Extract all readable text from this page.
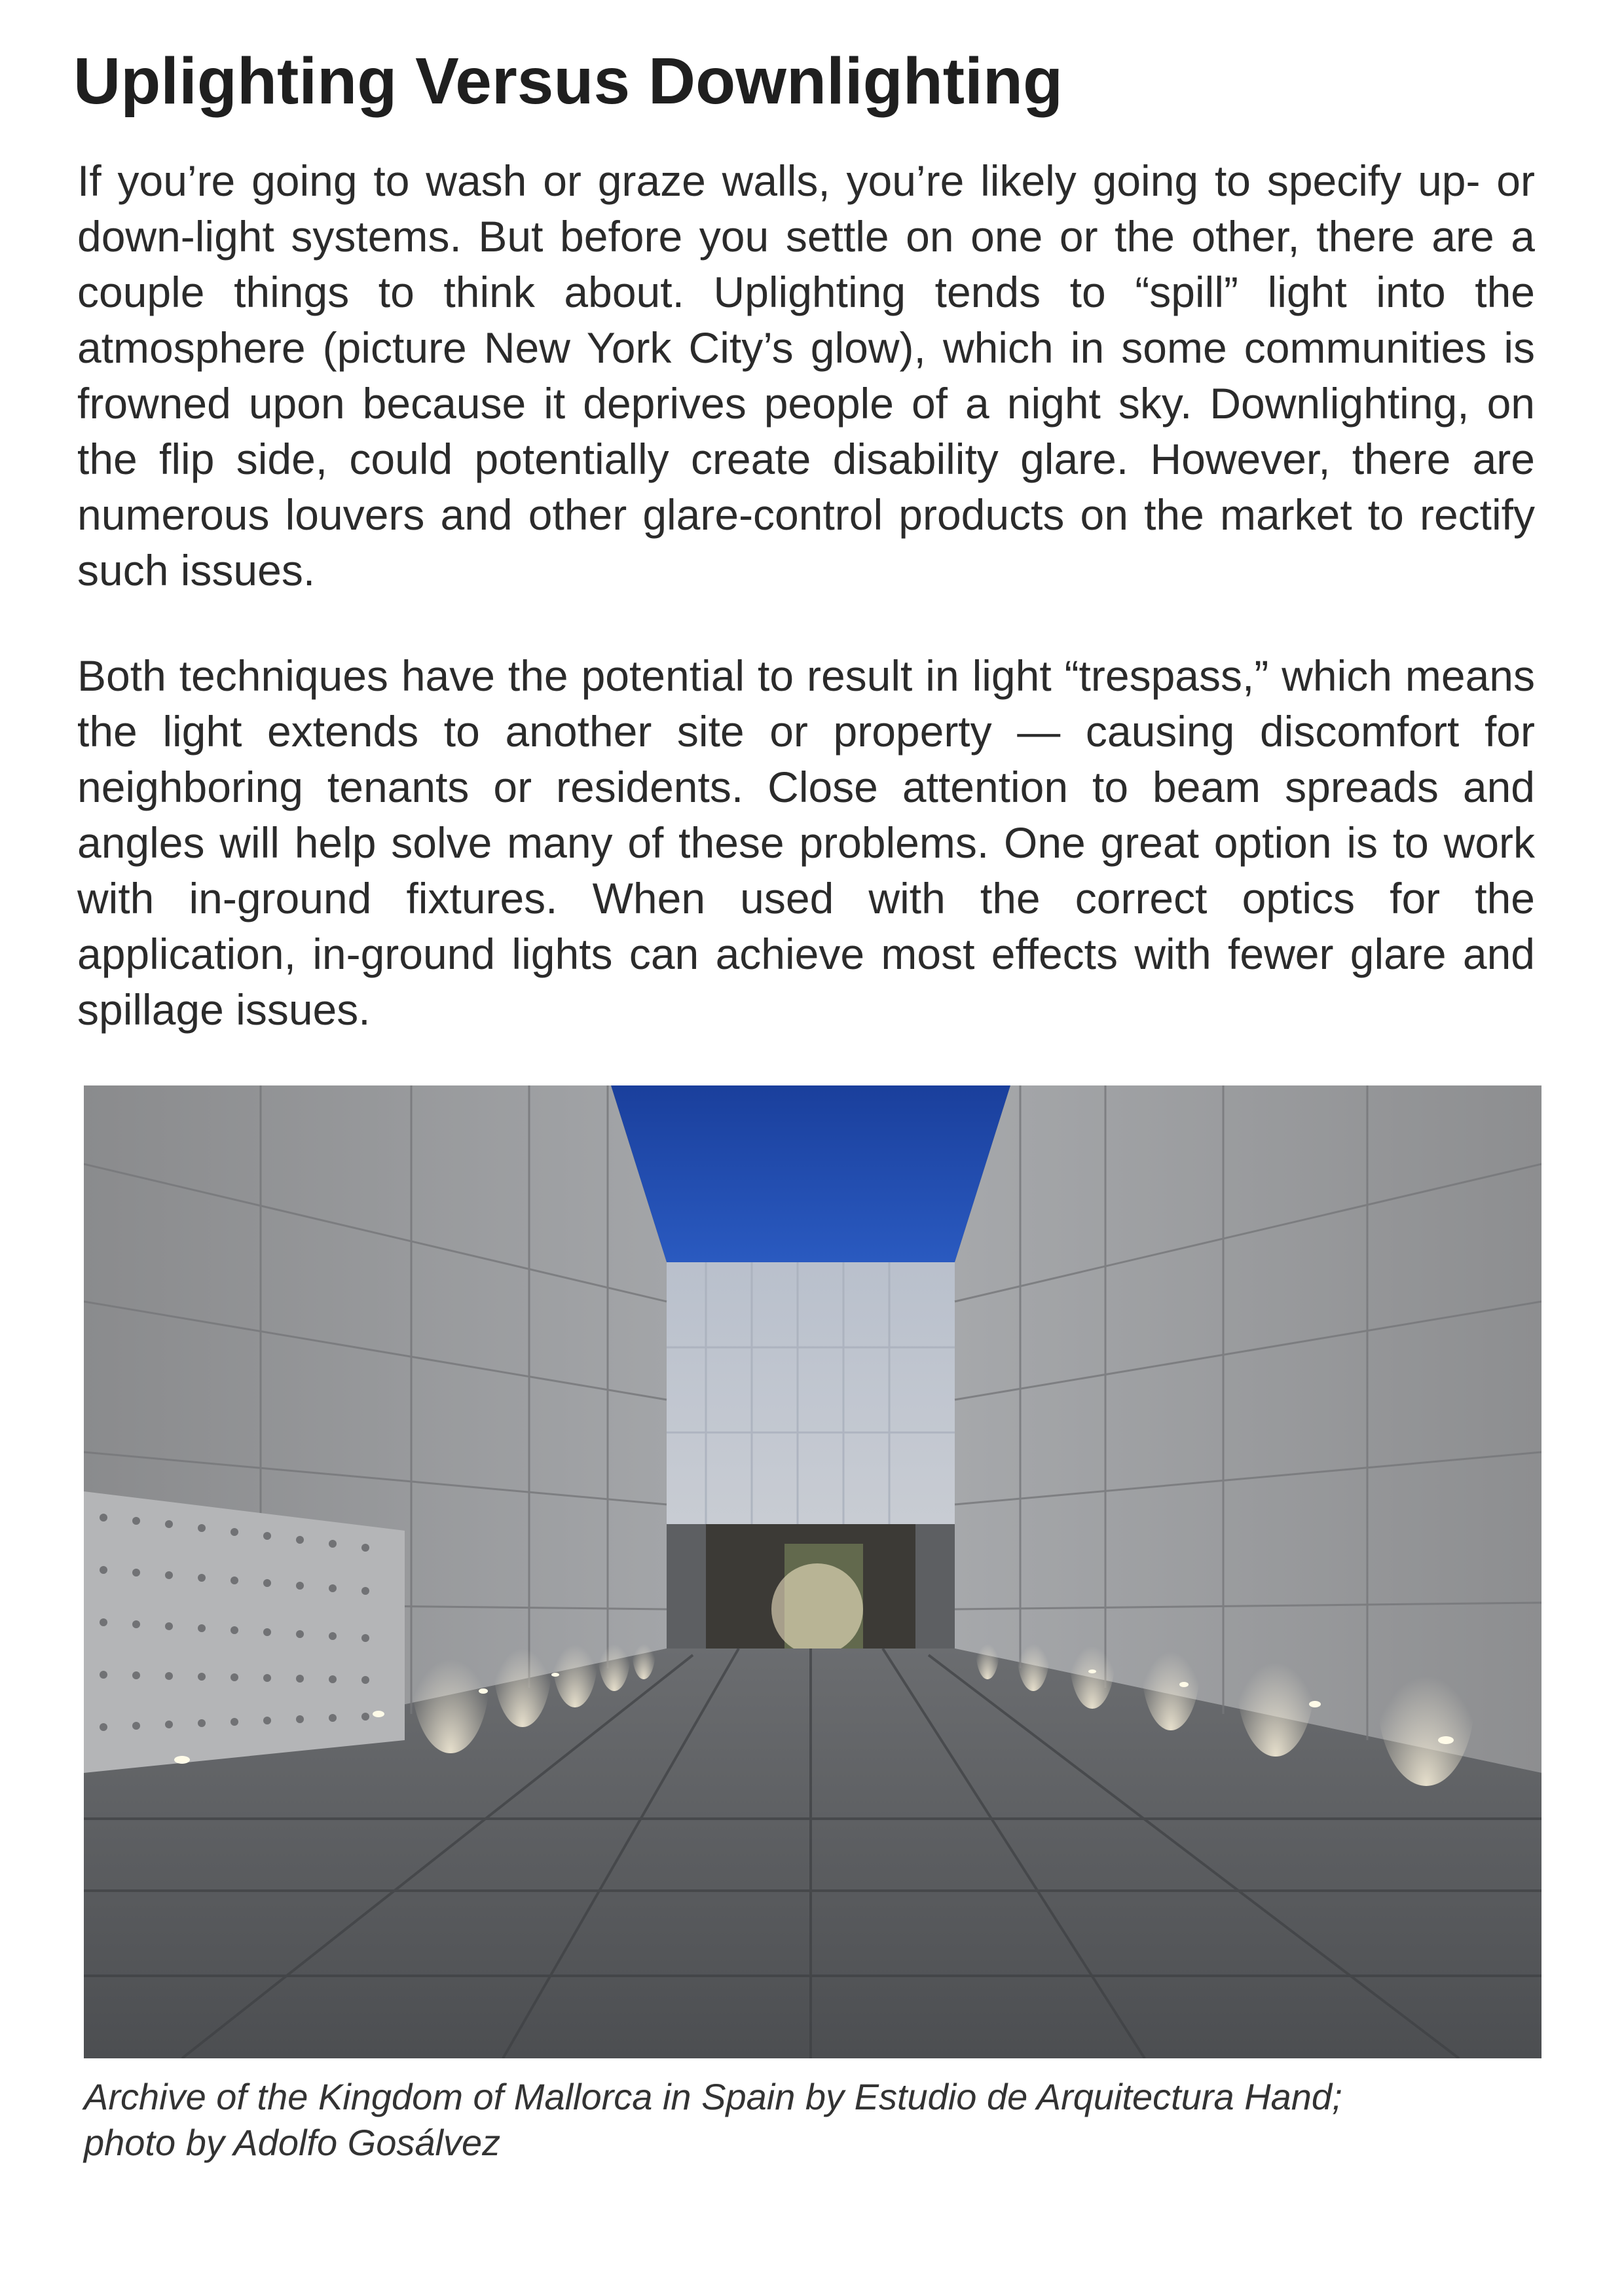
Uplighting Versus Downlighting

If you’re going to wash or graze walls, you’re likely going to specify up- or down-light systems. But before you settle on one or the other, there are a couple things to think about. Uplighting tends to “spill” light into the atmosphere (picture New York City’s glow), which in some communities is frowned upon because it deprives people of a night sky. Downlighting, on the flip side, could potentially create disability glare. However, there are numerous louvers and other glare-control products on the market to rectify such issues.

Both techniques have the potential to result in light “trespass,” which means the light extends to another site or property — causing discomfort for neighboring tenants or residents. Close attention to beam spreads and angles will help solve many of these problems. One great option is to work with in-ground fixtures. When used with the correct optics for the application, in-ground lights can achieve most effects with fewer glare and spillage issues.

Archive of the Kingdom of Mallorca in Spain by Estudio de Arquitectura Hand;
photo by Adolfo Gosálvez
